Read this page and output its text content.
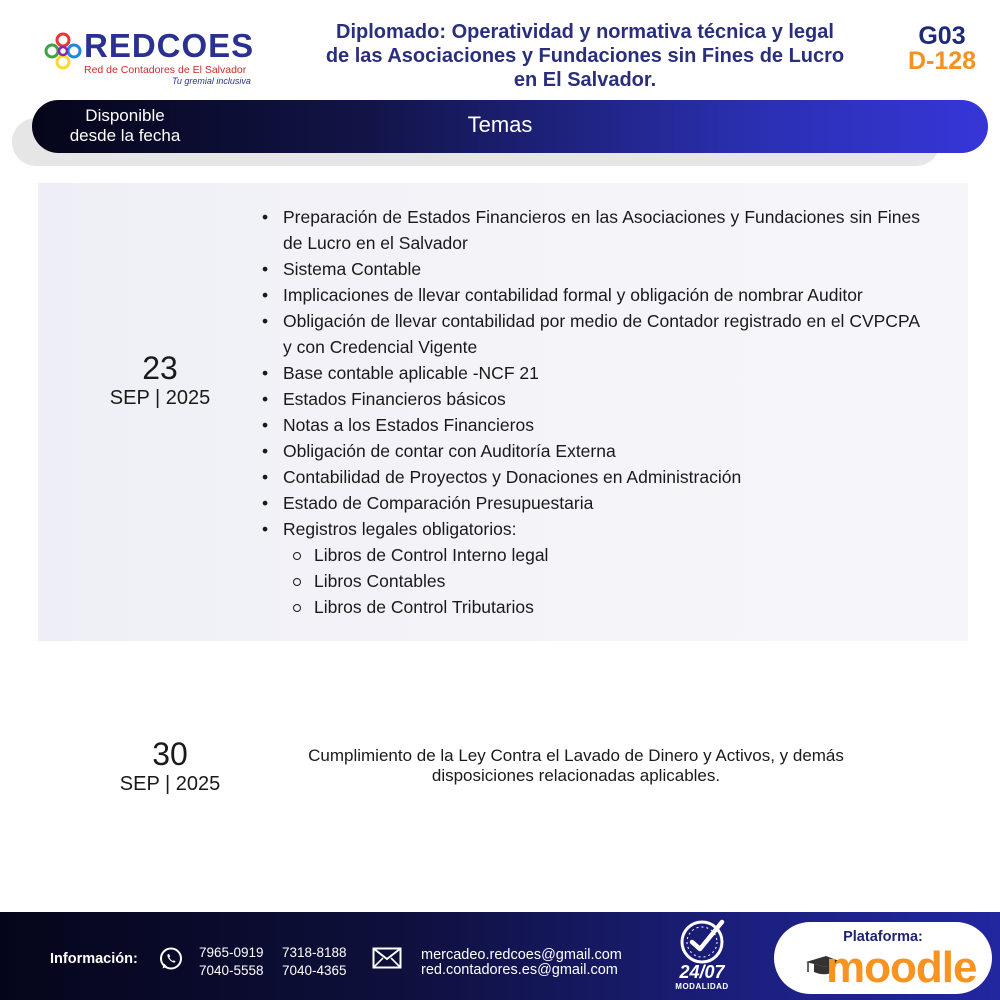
REDCOES
Red de Contadores de El Salvador
Tu gremial inclusiva
Diplomado: Operatividad y normativa técnica y legal
de las Asociaciones y Fundaciones sin Fines de Lucro
en El Salvador.
G03
D-128
Disponible
desde la fecha	Temas
23
SEP | 2025
• Preparación de Estados Financieros en las Asociaciones y Fundaciones sin Fines de Lucro en el Salvador
• Sistema Contable
• Implicaciones de llevar contabilidad formal y obligación de nombrar Auditor
• Obligación de llevar contabilidad por medio de Contador registrado en el CVPCPA y con Credencial Vigente
• Base contable aplicable -NCF 21
• Estados Financieros básicos
• Notas a los Estados Financieros
• Obligación de contar con Auditoría Externa
• Contabilidad de Proyectos y Donaciones en Administración
• Estado de Comparación Presupuestaria
• Registros legales obligatorios:
Libros de Control Interno legal
Libros Contables
Libros de Control Tributarios
30
SEP | 2025
Cumplimiento de la Ley Contra el Lavado de Dinero y Activos, y demás
disposiciones relacionadas aplicables.
Información:	7965-0919 7318-8188
7040-5558 7040-4365
mercadeo.redcoes@gmail.com
red.contadores.es@gmail.com	24/07
MODALIDAD
Plataforma:
moodle
